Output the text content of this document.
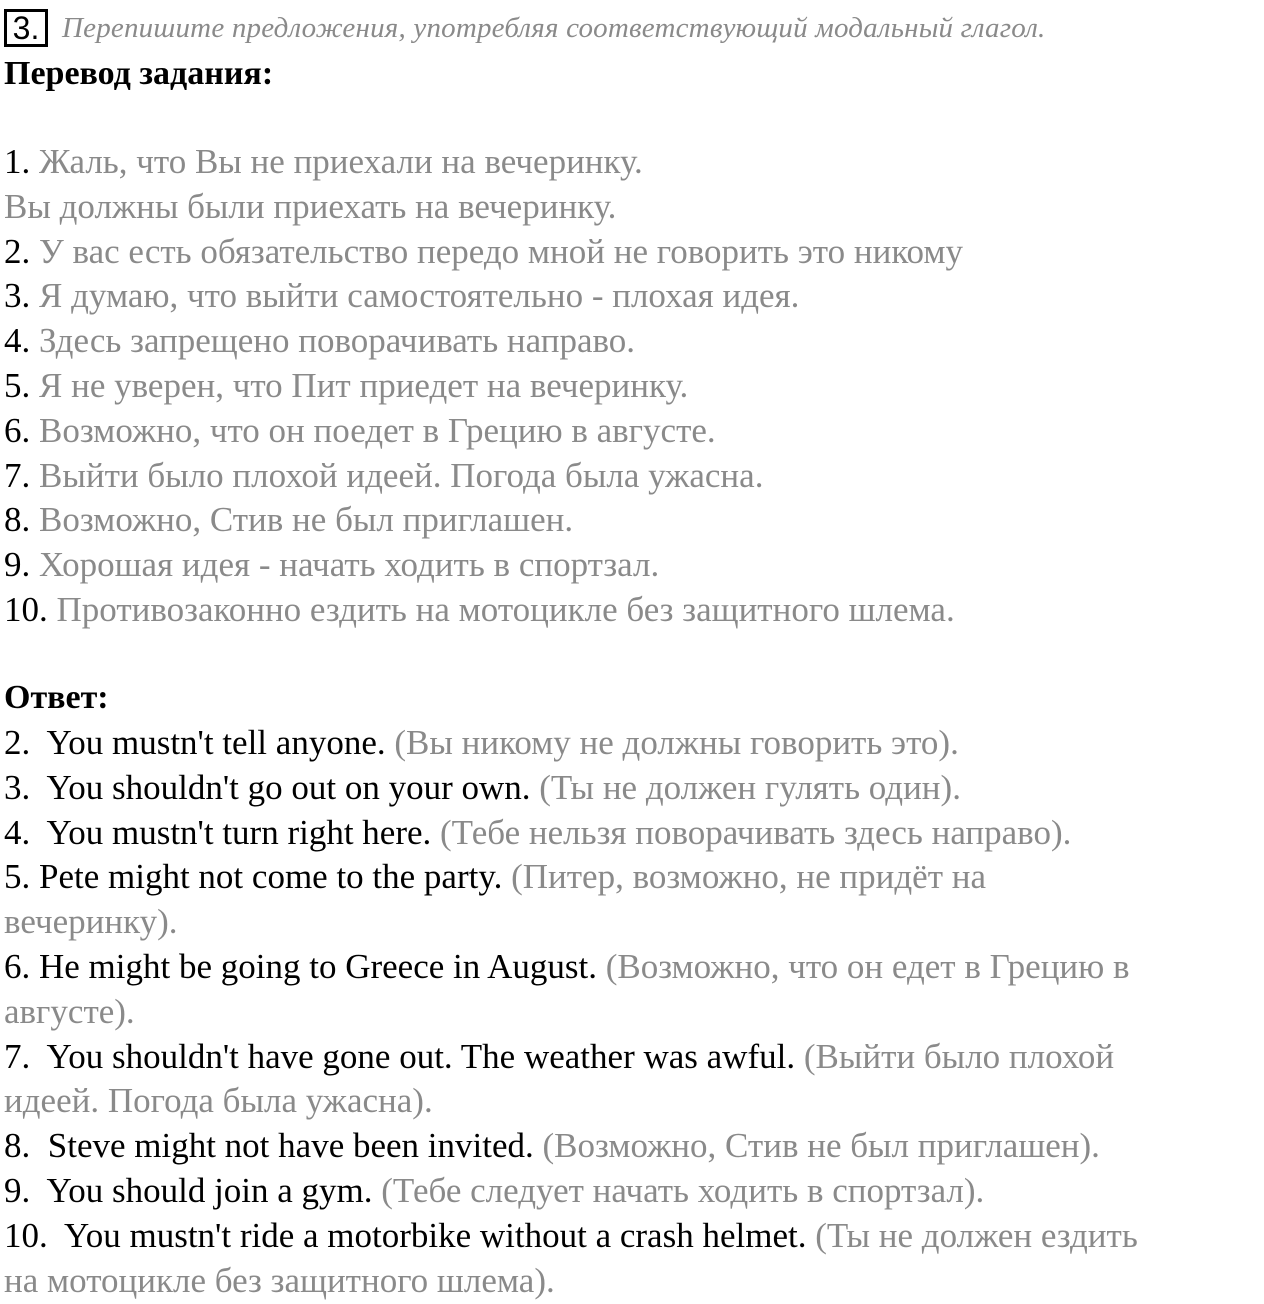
3. Перепишите предложения, употребляя соответствующий модальный глагол.
Перевод задания:
1. Жаль, что Вы не приехали на вечеринку.
Вы должны были приехать на вечеринку.
2. У вас есть обязательство передо мной не говорить это никому
3. Я думаю, что выйти самостоятельно - плохая идея.
4. Здесь запрещено поворачивать направо.
5. Я не уверен, что Пит приедет на вечеринку.
6. Возможно, что он поедет в Грецию в августе.
7. Выйти было плохой идеей. Погода была ужасна.
8. Возможно, Стив не был приглашен.
9. Хорошая идея - начать ходить в спортзал.
10. Противозаконно ездить на мотоцикле без защитного шлема.
Ответ:
2.  You mustn't tell anyone. (Вы никому не должны говорить это).
3.  You shouldn't go out on your own. (Ты не должен гулять один).
4.  You mustn't turn right here. (Тебе нельзя поворачивать здесь направо).
5. Pete might not come to the party. (Питер, возможно, не придёт на
вечеринку).
6. He might be going to Greece in August. (Возможно, что он едет в Грецию в
августе).
7.  You shouldn't have gone out. The weather was awful. (Выйти было плохой
идеей. Погода была ужасна).
8.  Steve might not have been invited. (Возможно, Стив не был приглашен).
9.  You should join a gym. (Тебе следует начать ходить в спортзал).
10.  You mustn't ride a motorbike without a crash helmet. (Ты не должен ездить
на мотоцикле без защитного шлема).
